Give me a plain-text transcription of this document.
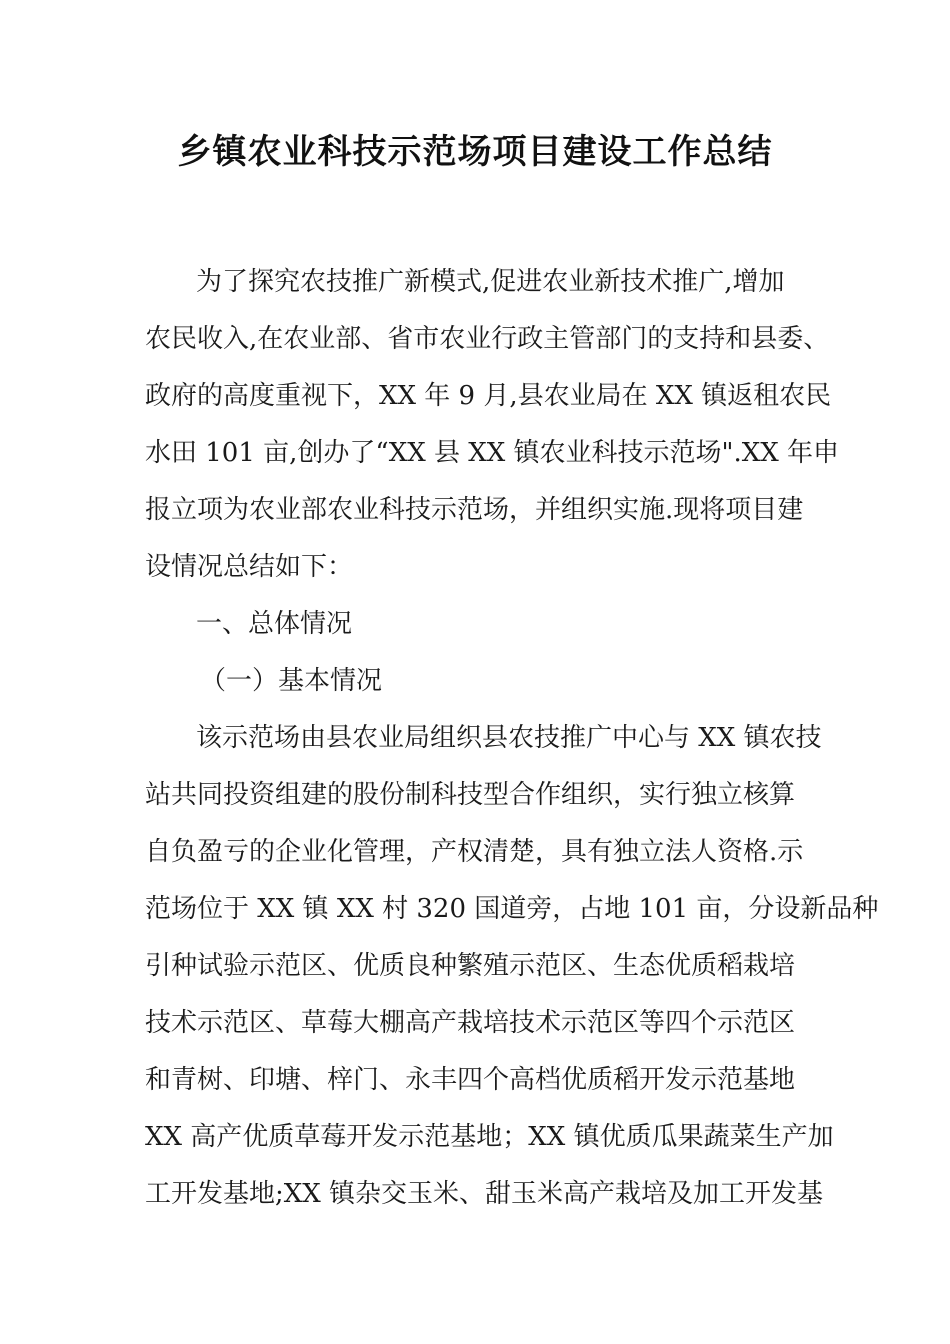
乡镇农业科技示范场项目建设工作总结
为了探究农技推广新模式,促进农业新技术推广,增加
农民收入,在农业部、省市农业行政主管部门的支持和县委、
政府的高度重视下，XX 年 9 月,县农业局在 XX 镇返租农民
水田 101 亩,创办了“XX 县 XX 镇农业科技示范场".XX 年申
报立项为农业部农业科技示范场，并组织实施.现将项目建
设情况总结如下：
一、总体情况
（一）基本情况
该示范场由县农业局组织县农技推广中心与 XX 镇农技
站共同投资组建的股份制科技型合作组织，实行独立核算
自负盈亏的企业化管理，产权清楚，具有独立法人资格.示
范场位于 XX 镇 XX 村 320 国道旁，占地 101 亩，分设新品种
引种试验示范区、优质良种繁殖示范区、生态优质稻栽培
技术示范区、草莓大棚高产栽培技术示范区等四个示范区
和青树、印塘、梓门、永丰四个高档优质稻开发示范基地
XX 高产优质草莓开发示范基地；XX 镇优质瓜果蔬菜生产加
工开发基地;XX 镇杂交玉米、甜玉米高产栽培及加工开发基
